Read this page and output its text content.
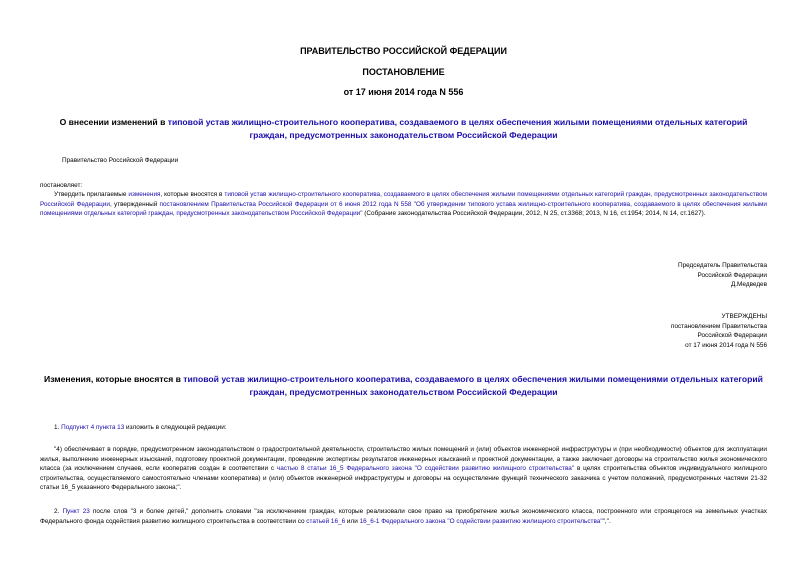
ПРАВИТЕЛЬСТВО РОССИЙСКОЙ ФЕДЕРАЦИИ
ПОСТАНОВЛЕНИЕ
от 17 июня 2014 года N 556
О внесении изменений в типовой устав жилищно-строительного кооператива, создаваемого в целях обеспечения жилыми помещениями отдельных категорий граждан, предусмотренных законодательством Российской Федерации
Правительство Российской Федерации
постановляет:
Утвердить прилагаемые изменения, которые вносятся в типовой устав жилищно-строительного кооператива, создаваемого в целях обеспечения жилыми помещениями отдельных категорий граждан, предусмотренных законодательством Российской Федерации, утвержденный постановлением Правительства Российской Федерации от 6 июня 2012 года N 558 "Об утверждении типового устава жилищно-строительного кооператива, создаваемого в целях обеспечения жилыми помещениями отдельных категорий граждан, предусмотренных законодательством Российской Федерации" (Собрание законодательства Российской Федерации, 2012, N 25, ст.3368; 2013, N 16, ст.1954; 2014, N 14, ст.1627).
Председатель Правительства
Российской Федерации
Д.Медведев
УТВЕРЖДЕНЫ
постановлением Правительства
Российской Федерации
от 17 июня 2014 года N 556
Изменения, которые вносятся в типовой устав жилищно-строительного кооператива, создаваемого в целях обеспечения жилыми помещениями отдельных категорий граждан, предусмотренных законодательством Российской Федерации
1. Подпункт 4 пункта 13 изложить в следующей редакции:
"4) обеспечивает в порядке, предусмотренном законодательством о градостроительной деятельности, строительство жилых помещений и (или) объектов инженерной инфраструктуры и (при необходимости) объектов для эксплуатации жилья, выполнение инженерных изысканий, подготовку проектной документации, проведение экспертизы результатов инженерных изысканий и проектной документации, а также заключает договоры на строительство жилья экономического класса (за исключением случаев, если кооператив создан в соответствии с частью 8 статьи 16_5 Федерального закона "О содействии развитию жилищного строительства" в целях строительства объектов индивидуального жилищного строительства, осуществляемого самостоятельно членами кооператива) и (или) объектов инженерной инфраструктуры и договоры на осуществление функций технического заказчика с учетом положений, предусмотренных частями 21-32 статьи 16_5 указанного Федерального закона;".
2. Пункт 23 после слов "3 и более детей," дополнить словами "за исключением граждан, которые реализовали свое право на приобретение жилья экономического класса, построенного или строящегося на земельных участках Федерального фонда содействия развитию жилищного строительства в соответствии со статьей 16_6 или 16_6-1 Федерального закона "О содействии развитию жилищного строительства"",".
